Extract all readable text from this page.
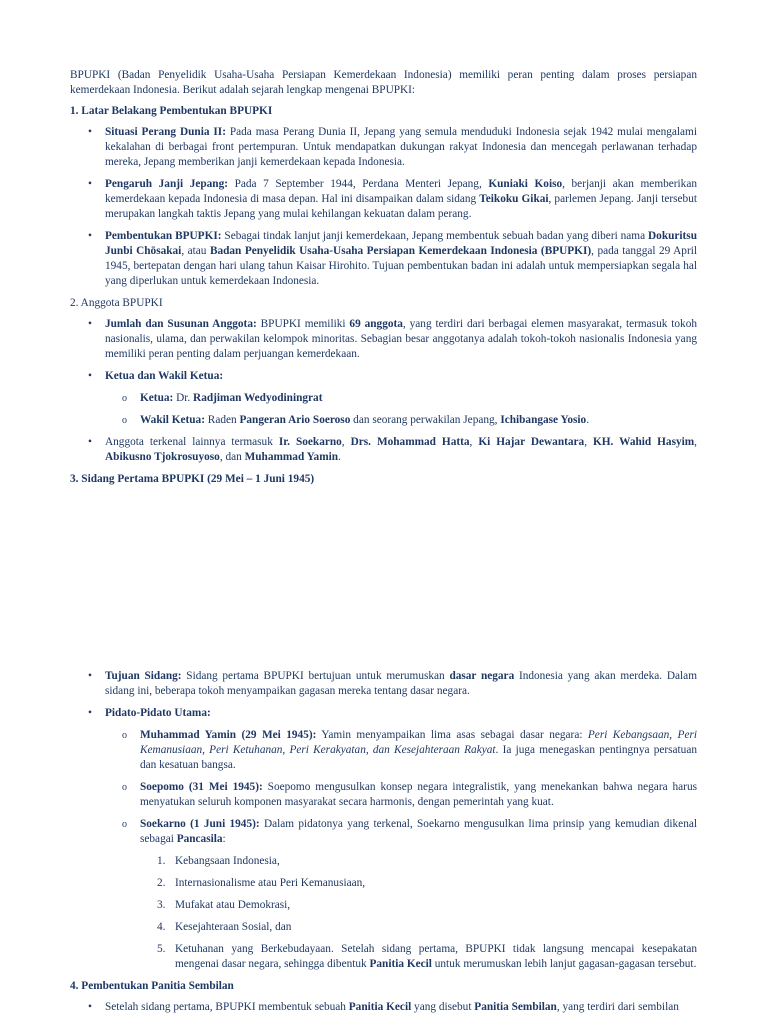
BPUPKI (Badan Penyelidik Usaha-Usaha Persiapan Kemerdekaan Indonesia) memiliki peran penting dalam proses persiapan kemerdekaan Indonesia. Berikut adalah sejarah lengkap mengenai BPUPKI:

1. Latar Belakang Pembentukan BPUPKI

• Situasi Perang Dunia II: Pada masa Perang Dunia II, Jepang yang semula menduduki Indonesia sejak 1942 mulai mengalami kekalahan di berbagai front pertempuran. Untuk mendapatkan dukungan rakyat Indonesia dan mencegah perlawanan terhadap mereka, Jepang memberikan janji kemerdekaan kepada Indonesia.
• Pengaruh Janji Jepang: Pada 7 September 1944, Perdana Menteri Jepang, Kuniaki Koiso, berjanji akan memberikan kemerdekaan kepada Indonesia di masa depan. Hal ini disampaikan dalam sidang Teikoku Gikai, parlemen Jepang. Janji tersebut merupakan langkah taktis Jepang yang mulai kehilangan kekuatan dalam perang.
• Pembentukan BPUPKI: Sebagai tindak lanjut janji kemerdekaan, Jepang membentuk sebuah badan yang diberi nama Dokuritsu Junbi Chōsakai, atau Badan Penyelidik Usaha-Usaha Persiapan Kemerdekaan Indonesia (BPUPKI), pada tanggal 29 April 1945, bertepatan dengan hari ulang tahun Kaisar Hirohito. Tujuan pembentukan badan ini adalah untuk mempersiapkan segala hal yang diperlukan untuk kemerdekaan Indonesia.

2. Anggota BPUPKI

• Jumlah dan Susunan Anggota: BPUPKI memiliki 69 anggota, yang terdiri dari berbagai elemen masyarakat, termasuk tokoh nasionalis, ulama, dan perwakilan kelompok minoritas. Sebagian besar anggotanya adalah tokoh-tokoh nasionalis Indonesia yang memiliki peran penting dalam perjuangan kemerdekaan.
• Ketua dan Wakil Ketua:
o Ketua: Dr. Radjiman Wedyodiningrat
o Wakil Ketua: Raden Pangeran Ario Soeroso dan seorang perwakilan Jepang, Ichibangase Yosio.
• Anggota terkenal lainnya termasuk Ir. Soekarno, Drs. Mohammad Hatta, Ki Hajar Dewantara, KH. Wahid Hasyim, Abikusno Tjokrosuyoso, dan Muhammad Yamin.

3. Sidang Pertama BPUPKI (29 Mei – 1 Juni 1945)

• Tujuan Sidang: Sidang pertama BPUPKI bertujuan untuk merumuskan dasar negara Indonesia yang akan merdeka. Dalam sidang ini, beberapa tokoh menyampaikan gagasan mereka tentang dasar negara.
• Pidato-Pidato Utama:
o Muhammad Yamin (29 Mei 1945): Yamin menyampaikan lima asas sebagai dasar negara: Peri Kebangsaan, Peri Kemanusiaan, Peri Ketuhanan, Peri Kerakyatan, dan Kesejahteraan Rakyat. Ia juga menegaskan pentingnya persatuan dan kesatuan bangsa.
o Soepomo (31 Mei 1945): Soepomo mengusulkan konsep negara integralistik, yang menekankan bahwa negara harus menyatukan seluruh komponen masyarakat secara harmonis, dengan pemerintah yang kuat.
o Soekarno (1 Juni 1945): Dalam pidatonya yang terkenal, Soekarno mengusulkan lima prinsip yang kemudian dikenal sebagai Pancasila:
1. Kebangsaan Indonesia,
2. Internasionalisme atau Peri Kemanusiaan,
3. Mufakat atau Demokrasi,
4. Kesejahteraan Sosial, dan
5. Ketuhanan yang Berkebudayaan. Setelah sidang pertama, BPUPKI tidak langsung mencapai kesepakatan mengenai dasar negara, sehingga dibentuk Panitia Kecil untuk merumuskan lebih lanjut gagasan-gagasan tersebut.

4. Pembentukan Panitia Sembilan

• Setelah sidang pertama, BPUPKI membentuk sebuah Panitia Kecil yang disebut Panitia Sembilan, yang terdiri dari sembilan
